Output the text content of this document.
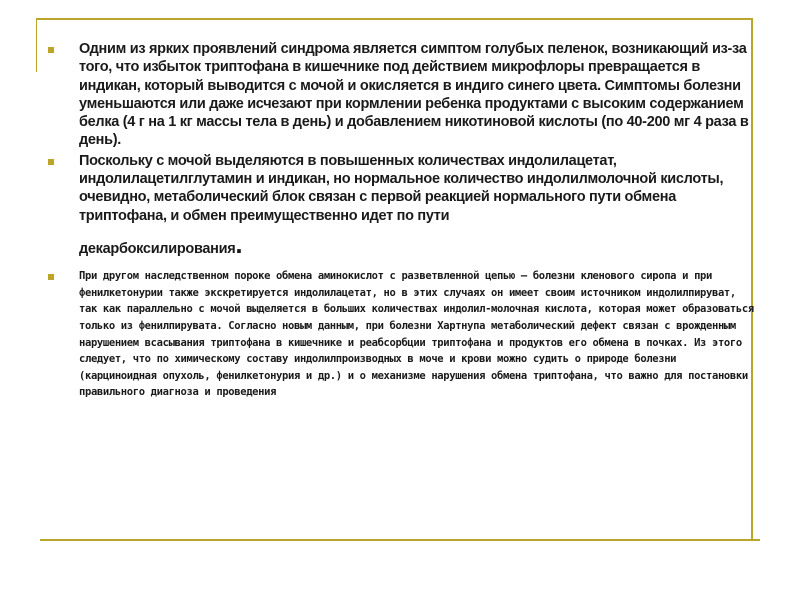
Одним из ярких проявлений синдрома является симптом голубых пеленок, возникающий из-за того, что избыток триптофана в кишечнике под действием микрофлоры превращается в индикан, который выводится с мочой и окисляется в индиго синего цвета. Симптомы болезни уменьшаются или даже исчезают при кормлении ребенка продуктами с высоким содержанием белка (4 г на 1 кг массы тела в день) и добавлением никотиновой кислоты (по 40-200 мг 4 раза в день).
Поскольку с мочой выделяются в повышенных количествах индолилацетат, индолилацетилглутамин и индикан, но нормальное количество индолилмолочной кислоты, очевидно, метаболический блок связан с первой реакцией нормального пути обмена триптофана, и обмен преимущественно идет по пути
декарбоксилирования.
При другом наследственном пороке обмена аминокислот с разветвленной цепью – болезни кленового сиропа и при фенилкетонурии также экскретируется индолилацетат, но в этих случаях он имеет своим источником индолилпируват, так как параллельно с мочой выделяется в больших количествах индолил-молочная кислота, которая может образоваться только из фенилпирувата. Согласно новым данным, при болезни Хартнупа метаболический дефект связан с врожденным нарушением всасывания триптофана в кишечнике и реабсорбции триптофана и продуктов его обмена в почках. Из этого следует, что по химическому составу индолилпроизводных в моче и крови можно судить о природе болезни (карциноидная опухоль, фенилкетонурия и др.) и о механизме нарушения обмена триптофана, что важно для постановки правильного диагноза и проведения
